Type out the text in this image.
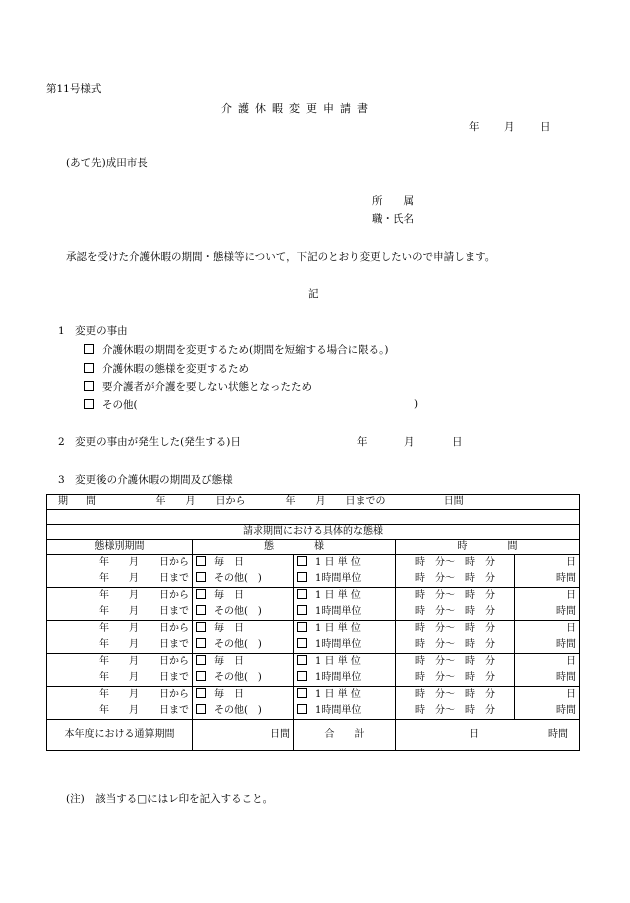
第11号様式
介護休暇変更申請書
年 月 日
(あて先)成田市長
所　　属
職・氏名
承認を受けた介護休暇の期間・態様等について，下記のとおり変更したいので申請します。
記
1　変更の事由
介護休暇の期間を変更するため(期間を短縮する場合に限る。)
介護休暇の態様を変更するため
要介護者が介護を要しない状態となったため
その他(	)
2　変更の事由が発生した(発生する)日	年	月	日
3　変更後の介護休暇の期間及び態様
期　間	年　　月　　日から　　　　年　　月　　日までの 日間			

請求期間における具体的な態様				
態様別期間	態 様		時 間	
年　　月　　日から	毎　日	1 日 単 位	時　分～　時　分	日
年　　月　　日まで	その他(　)	1時間単位	時　分～　時　分	時間
年　　月　　日から	毎　日	1 日 単 位	時　分～　時　分	日
年　　月　　日まで	その他(　)	1時間単位	時　分～　時　分	時間
年　　月　　日から	毎　日	1 日 単 位	時　分～　時　分	日
年　　月　　日まで	その他(　)	1時間単位	時　分～　時　分	時間
年　　月　　日から	毎　日	1 日 単 位	時　分～　時　分	日
年　　月　　日まで	その他(　)	1時間単位	時　分～　時　分	時間
年　　月　　日から	毎　日	1 日 単 位	時　分～　時　分	日
年　　月　　日まで	その他(　)	1時間単位	時　分～　時　分	時間
本年度における通算期間	日間	合　　計	日 時間	
(注)　該当する□にはレ印を記入すること。
